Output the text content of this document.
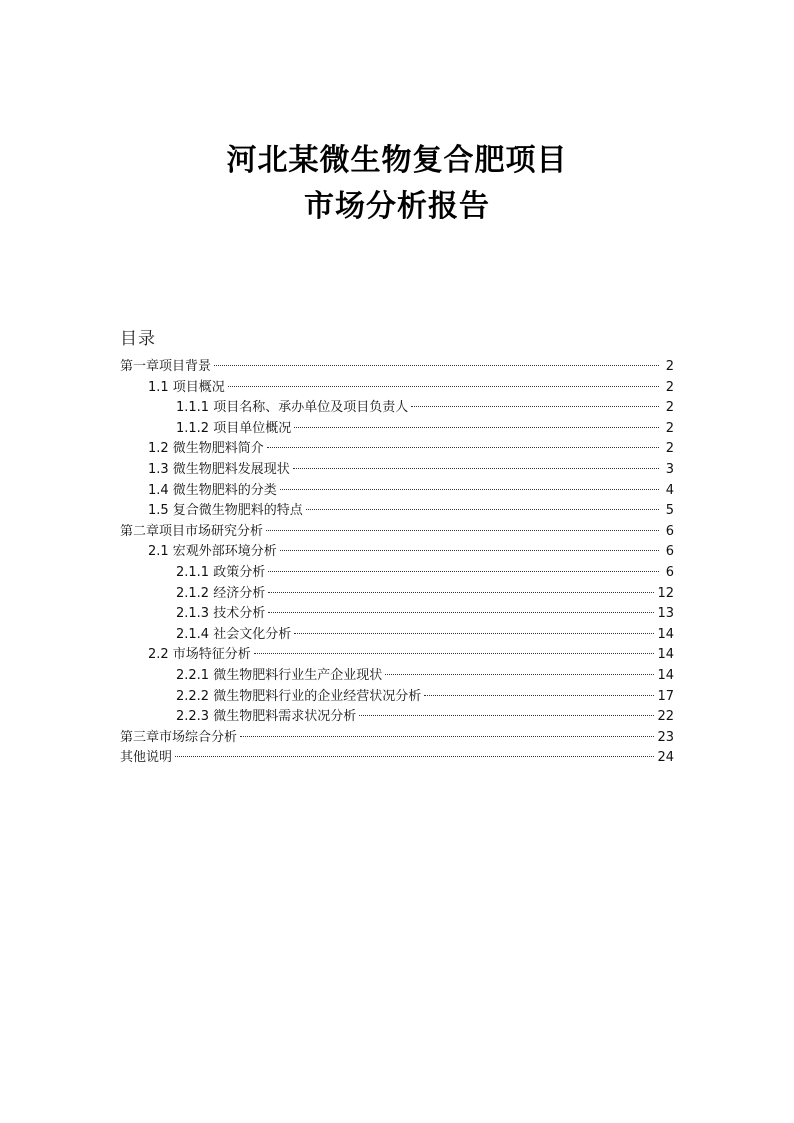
河北某微生物复合肥项目
市场分析报告
目录
第一章项目背景	2
1.1 项目概况	2
1.1.1 项目名称、承办单位及项目负责人	2
1.1.2 项目单位概况	2
1.2 微生物肥料简介	2
1.3 微生物肥料发展现状	3
1.4 微生物肥料的分类	4
1.5 复合微生物肥料的特点	5
第二章项目市场研究分析	6
2.1 宏观外部环境分析	6
2.1.1 政策分析	6
2.1.2 经济分析	12
2.1.3 技术分析	13
2.1.4 社会文化分析	14
2.2 市场特征分析	14
2.2.1 微生物肥料行业生产企业现状	14
2.2.2 微生物肥料行业的企业经营状况分析	17
2.2.3 微生物肥料需求状况分析	22
第三章市场综合分析	23
其他说明	24
